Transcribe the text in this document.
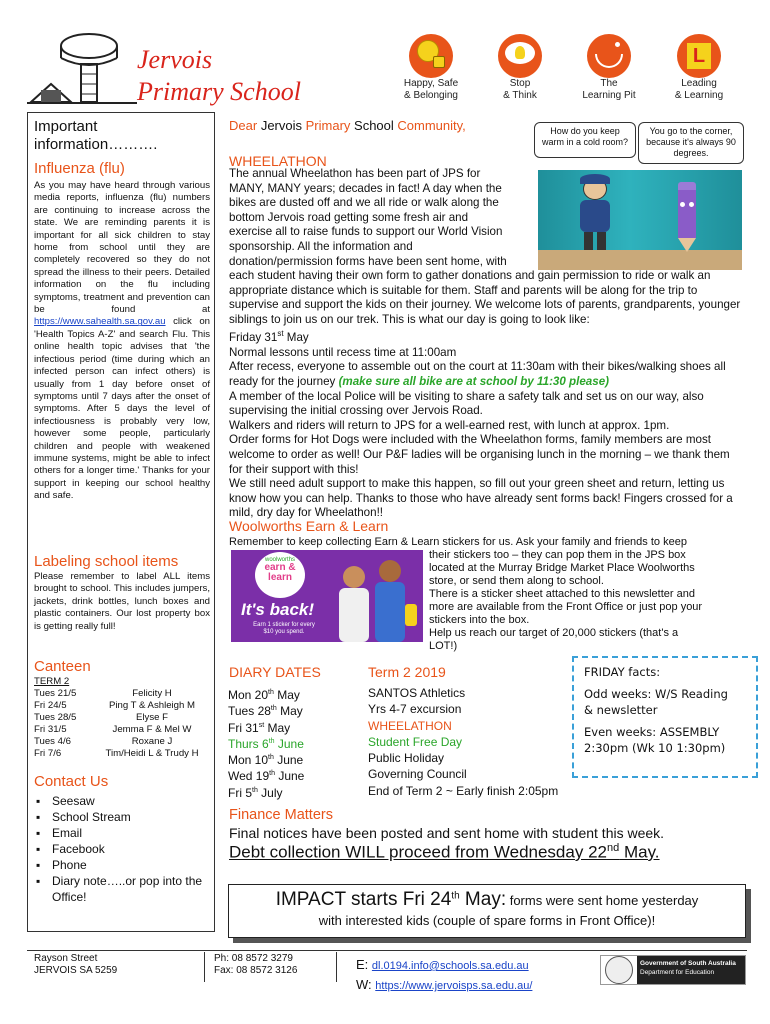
Jervois
Primary School	Happy, Safe
& Belonging
Stop
& Think
The
Learning Pit
L
Leading
& Learning
Important
information……….
Influenza (flu)
As you may have heard through various media reports, influenza (flu) numbers are continuing to increase across the state. We are reminding parents it is important for all sick children to stay home from school until they are completely recovered so they do not spread the illness to their peers. Detailed information on the flu including symptoms, treatment and prevention can be found at https://www.sahealth.sa.gov.au click on 'Health Topics A-Z' and search Flu. This online health topic advises that 'the infectious period (time during which an infected person can infect others) is usually from 1 day before onset of symptoms until 7 days after the onset of symptoms. After 5 days the level of infectiousness is probably very low, however some people, particularly children and people with weakened immune systems, might be able to infect others for a longer time.' Thanks for your support in keeping our school healthy and safe.
Labeling school items
Please remember to label ALL items brought to school. This includes jumpers, jackets, drink bottles, lunch boxes and plastic containers. Our lost property box is getting really full!
Canteen
TERM 2
Tues 21/5	Felicity H
Fri 24/5	Ping T & Ashleigh M
Tues 28/5	Elyse F
Fri 31/5	Jemma F & Mel W
Tues 4/6	Roxane J
Fri 7/6	Tim/Heidi L & Trudy H
Contact Us
▪ Seesaw
▪ School Stream
▪ Email
▪ Facebook
▪ Phone
▪ Diary note…..or pop into the Office!
Dear Jervois Primary School Community,	How do you keep warm in a cold room?
You go to the corner, because it's always 90 degrees.
WHEELATHON
The annual Wheelathon has been part of JPS for
MANY, MANY years; decades in fact! A day when the
bikes are dusted off and we all ride or walk along the
bottom Jervois road getting some fresh air and
exercise all to raise funds to support our World Vision
sponsorship. All the information and
donation/permission forms have been sent home, with
each student having their own form to gather donations and gain permission to ride or walk an appropriate distance which is suitable for them. Staff and parents will be along for the trip to supervise and support the kids on their journey. We welcome lots of parents, grandparents, younger siblings to join us on our trek. This is what our day is going to look like:
Friday 31st May
Normal lessons until recess time at 11:00am
After recess, everyone to assemble out on the court at 11:30am with their bikes/walking shoes all ready for the journey (make sure all bike are at school by 11:30 please)
A member of the local Police will be visiting to share a safety talk and set us on our way, also supervising the initial crossing over Jervois Road.
Walkers and riders will return to JPS for a well-earned rest, with lunch at approx. 1pm.
Order forms for Hot Dogs were included with the Wheelathon forms, family members are most welcome to order as well! Our P&F ladies will be organising lunch in the morning – we thank them for their support with this!
We still need adult support to make this happen, so fill out your green sheet and return, letting us know how you can help. Thanks to those who have already sent forms back! Fingers crossed for a mild, dry day for Wheelathon!!
Woolworths Earn & Learn
Remember to keep collecting Earn & Learn stickers for us. Ask your family and friends to keep
woolworths
earn &
learn
It's back!
Earn 1 sticker for every
$10 you spend.
their stickers too – they can pop them in the JPS box
located at the Murray Bridge Market Place Woolworths
store, or send them along to school.
There is a sticker sheet attached to this newsletter and
more are available from the Front Office or just pop your
stickers into the box.
Help us reach our target of 20,000 stickers (that's a
LOT!)
DIARY DATES	Term 2 2019
Mon 20th May	SANTOS Athletics
Tues 28th May	Yrs 4-7 excursion
Fri 31st May	WHEELATHON
Thurs 6th June	Student Free Day
Mon 10th June	Public Holiday
Wed 19th June	Governing Council
Fri 5th July	End of Term 2 ~ Early finish 2:05pm
FRIDAY facts:
Odd weeks: W/S Reading
& newsletter
Even weeks: ASSEMBLY
2:30pm (Wk 10 1:30pm)
Finance Matters
Final notices have been posted and sent home with student this week.
Debt collection WILL proceed from Wednesday 22nd May.
IMPACT starts Fri 24th May: forms were sent home yesterday
with interested kids (couple of spare forms in Front Office)!
Rayson Street
JERVOIS SA 5259
Ph: 08 8572 3279
Fax: 08 8572 3126	E: dl.0194.info@schools.sa.edu.au
W: https://www.jervoisps.sa.edu.au/
Government of South Australia
Department for Education
